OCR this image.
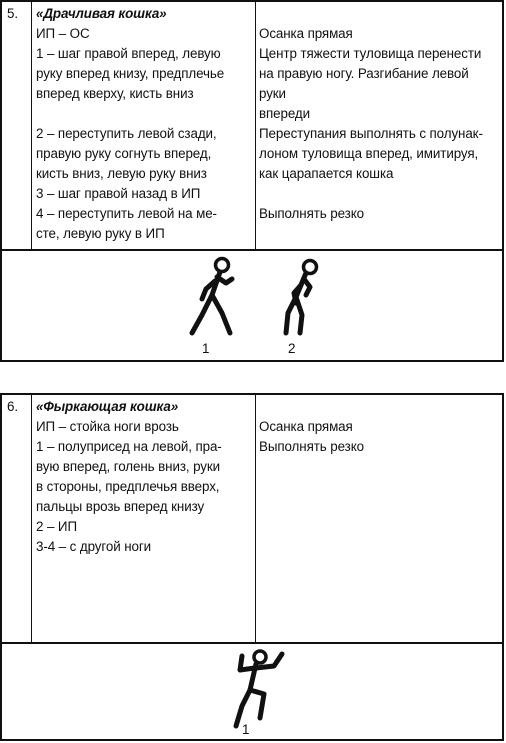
5. «Драчливая кошка»
ИП – ОС
1 – шаг правой вперед, левую
руку вперед книзу, предплечье
вперед кверху, кисть вниз
2 – переступить левой сзади,
правую руку согнуть вперед,
кисть вниз, левую руку вниз
3 – шаг правой назад в ИП
4 – переступить левой на ме-
сте, левую руку в ИП
Осанка прямая
Центр тяжести туловища перенести
на правую ногу. Разгибание левой
руки
впереди
Переступания выполнять с полунак-
лоном туловища вперед, имитируя,
как царапается кошка
Выполнять резко
1	2
6. «Фыркающая кошка»
ИП – стойка ноги врозь
1 – полуприсед на левой, пра-
вую вперед, голень вниз, руки
в стороны, предплечья вверх,
пальцы врозь вперед книзу
2 – ИП
3-4 – с другой ноги
Осанка прямая
Выполнять резко
1
